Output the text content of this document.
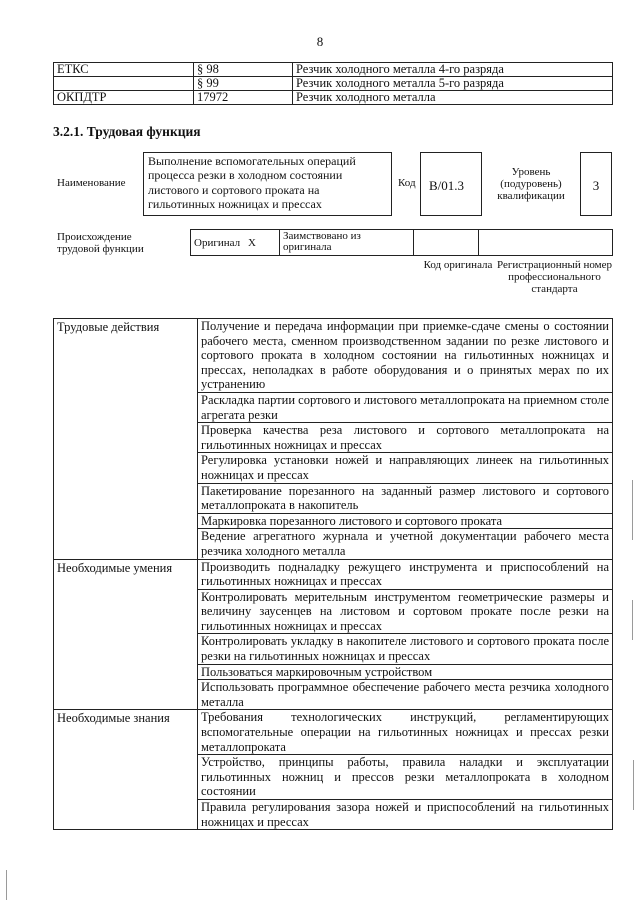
8
ЕТКС	§ 98	Резчик холодного металла 4-го разряда
	§ 99	Резчик холодного металла 5-го разряда
ОКПДТР	17972	Резчик холодного металла
3.2.1. Трудовая функция
Наименование
Выполнение вспомогательных операций процесса резки в холодном состоянии листового и сортового проката на гильотинных ножницах и прессах
Код	B/01.3
Уровень (подуровень) квалификации
3
Происхождение трудовой функции
Оригинал	X	Заимствовано из оригинала		
Код оригинала Регистрационный номер профессионального стандарта
Трудовые действия	Получение и передача информации при приемке-сдаче смены о состоянии рабочего места, сменном производственном задании по резке листового и сортового проката в холодном состоянии на гильотинных ножницах и прессах, неполадках в работе оборудования и о принятых мерах по их устранению
	Раскладка партии сортового и листового металлопроката на приемном столе агрегата резки
	Проверка качества реза листового и сортового металлопроката на гильотинных ножницах и прессах
	Регулировка установки ножей и направляющих линеек на гильотинных ножницах и прессах
	Пакетирование порезанного на заданный размер листового и сортового металлопроката в накопитель
	Маркировка порезанного листового и сортового проката
	Ведение агрегатного журнала и учетной документации рабочего места резчика холодного металла
Необходимые умения	Производить подналадку режущего инструмента и приспособлений на гильотинных ножницах и прессах
	Контролировать мерительным инструментом геометрические размеры и величину заусенцев на листовом и сортовом прокате после резки на гильотинных ножницах и прессах
	Контролировать укладку в накопителе листового и сортового проката после резки на гильотинных ножницах и прессах
	Пользоваться маркировочным устройством
	Использовать программное обеспечение рабочего места резчика холодного металла
Необходимые знания	Требования технологических инструкций, регламентирующих вспомогательные операции на гильотинных ножницах и прессах резки металлопроката
	Устройство, принципы работы, правила наладки и эксплуатации гильотинных ножниц и прессов резки металлопроката в холодном состоянии
	Правила регулирования зазора ножей и приспособлений на гильотинных ножницах и прессах
